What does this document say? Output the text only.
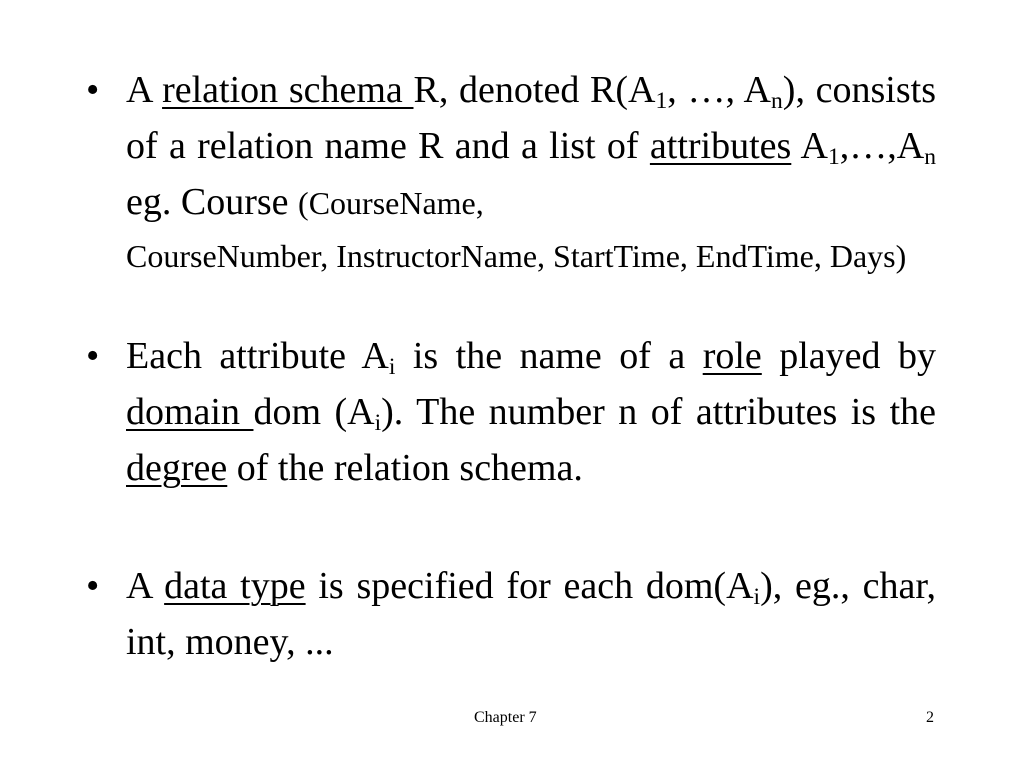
• A relation schema R, denoted $R(A_1$, …, $A_n$), consists of a relation name R and a list of attributes $A_1,\dots,A_n$ eg. Course (CourseName,
CourseNumber, InstructorName, StartTime, EndTime, Days)
• Each attribute $A_i$ is the name of a role played by domain dom $(A_i)$. The number n of attributes is the degree of the relation schema.
• A data type is specified for each $dom(A_i)$, eg., char, int, money, ...
Chapter 7	2
